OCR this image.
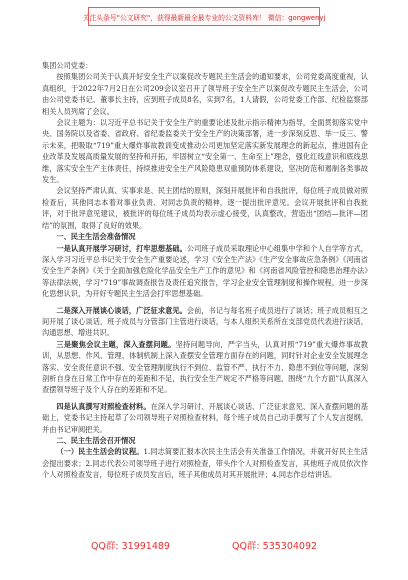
关注头条号"公文研究"，获得最新最全最专业的公文资料库！ 微信：gongwenyj

集团公司党委：

按照集团公司关于认真开好安全生产以案促改专题民主生活会的通知要求，公司党委高度重视，认真组织，于2022年7月2日在公司209会议室召开了领导班子安全生产以案促改专题民主生活会，公司由公司党委书记、董事长主持，应到班子成员8名，实到7名，1人请假，公司党委工作部、纪检监察部相关人员列席了会议。

会议主题为：以习近平总书记关于安全生产的重要论述及批示指示精神为指导，全面贯彻落实党中央、国务院以及省委、省政府、省纪委监委关于安全生产的决策部署，进一步深刻反思、举一反三、警示未来，把吸取“719”重大爆炸事故教训变成推动公司更加坚定落实新发展理念的新起点，推进国有企业改革及发展高质量发展的坚持和开拓，牢固树立“安全第一、生命至上”理念，强化红线意识和底线思维，落实安全生产主体责任，持续推进安全生产风险隐患双重预防体系建设，坚决防范和遏制各类事故发生。

会议坚持严肃认真、实事求是、民主团结的原则，深刻开展批评和自我批评，每位班子成员做对照检查后，其他同志本着对事业负责、对同志负责的精神，逐一提出批评意见。会议开展批评和自我批评，对于批评意见建议，被批评的每位班子成员均表示虚心接受，认真整改，营造出“团结—批评—团结”的氛围，取得了良好的效果。

一、民主生活会准备情况

一是认真开展学习研讨，打牢思想基础。公司班子成员采取理论中心组集中学和个人自学等方式，深入学习习近平总书记关于安全生产重要论述，学习《安全生产法》《生产安全事故应急条例》《河南省安全生产条例》《关于全面加强危险化学品安全生产工作的意见》和《河南省风险管控和隐患治理办法》等法律法规，学习“719”事故调查报告及责任追究报告，学习企业安全管理制度和操作规程，进一步深化思想认识，为开好专题民主生活会打牢思想基础。

二是深入开展谈心谈话，广泛征求意见。会前，书记与每名班子成员进行了谈话；班子成员相互之间开展了谈心谈话，班子成员与分管部门主管进行谈话，与本人组织关系所在支部党员代表进行谈话，沟通思想、增进共识。

三是聚焦会议主题，深入查摆问题。坚持问题导向，严字当头，认真对照“719”重大爆炸事故教训，从思想、作风、管理、体制机制上深入查摆安全管理方面存在的问题，同时针对企业安全发展理念落实、安全责任意识不强、安全管理制度执行不到位、监管不严、执行不力、隐患不到位等问题，深刻剖析自身在日常工作中存在的差距和不足，执行安全生产规定不严格等问题，围绕“九个方面”认真深入查摆领导班子及个人存在的差距和不足。

四是认真撰写对照检查材料。在深入学习研讨、开展谈心谈话、广泛征求意见、深入查摆问题的基础上，党委书记主持起草了公司领导班子对照检查材料，每个班子成员自己动手撰写了个人发言提纲，并由书记审阅把关。

二、民主生活会召开情况

（一）民主生活会的议程。1.同志简要汇报本次民主生活会有关准备工作情况，并就开好民主生活会提出要求；2.同志代表公司领导班子进行对照检查，带头作个人对照检查发言，其他班子成员依次作个人对照检查发言，每位班子成员发言后，班子其他成员对其开展批评；4.同志作总结讲话。

QQ群: 31991489	QQ群: 535304092
